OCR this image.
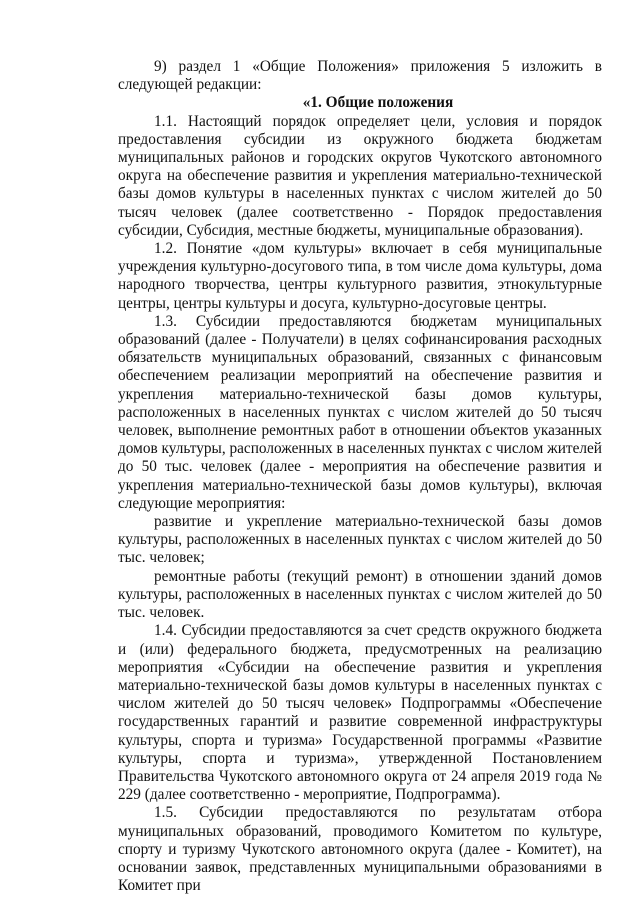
9) раздел 1 «Общие Положения» приложения 5 изложить в следующей редакции:

«1. Общие положения

1.1. Настоящий порядок определяет цели, условия и порядок предоставления субсидии из окружного бюджета бюджетам муниципальных районов и городских округов Чукотского автономного округа на обеспечение развития и укрепления материально-технической базы домов культуры в населенных пунктах с числом жителей до 50 тысяч человек (далее соответственно - Порядок предоставления субсидии, Субсидия, местные бюджеты, муниципальные образования).

1.2. Понятие «дом культуры» включает в себя муниципальные учреждения культурно-досугового типа, в том числе дома культуры, дома народного творчества, центры культурного развития, этнокультурные центры, центры культуры и досуга, культурно-досуговые центры.

1.3. Субсидии предоставляются бюджетам муниципальных образований (далее - Получатели) в целях софинансирования расходных обязательств муниципальных образований, связанных с финансовым обеспечением реализации мероприятий на обеспечение развития и укрепления материально-технической базы домов культуры, расположенных в населенных пунктах с числом жителей до 50 тысяч человек, выполнение ремонтных работ в отношении объектов указанных домов культуры, расположенных в населенных пунктах с числом жителей до 50 тыс. человек (далее - мероприятия на обеспечение развития и укрепления материально-технической базы домов культуры), включая следующие мероприятия:

развитие и укрепление материально-технической базы домов культуры, расположенных в населенных пунктах с числом жителей до 50 тыс. человек;

ремонтные работы (текущий ремонт) в отношении зданий домов культуры, расположенных в населенных пунктах с числом жителей до 50 тыс. человек.

1.4. Субсидии предоставляются за счет средств окружного бюджета и (или) федерального бюджета, предусмотренных на реализацию мероприятия «Субсидии на обеспечение развития и укрепления материально-технической базы домов культуры в населенных пунктах с числом жителей до 50 тысяч человек» Подпрограммы «Обеспечение государственных гарантий и развитие современной инфраструктуры культуры, спорта и туризма» Государственной программы «Развитие культуры, спорта и туризма», утвержденной Постановлением Правительства Чукотского автономного округа от 24 апреля 2019 года № 229 (далее соответственно - мероприятие, Подпрограмма).

1.5. Субсидии предоставляются по результатам отбора муниципальных образований, проводимого Комитетом по культуре, спорту и туризму Чукотского автономного округа (далее - Комитет), на основании заявок, представленных муниципальными образованиями в Комитет при
